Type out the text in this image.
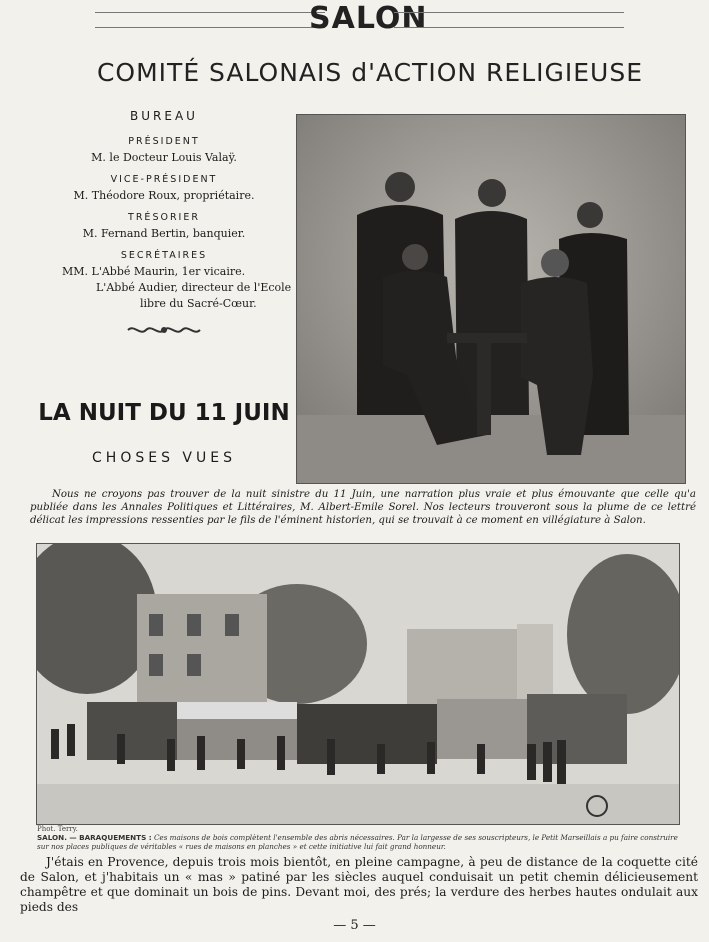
SALON
COMITÉ SALONAIS d'ACTION RELIGIEUSE
BUREAU
PRÉSIDENT
M. le Docteur Louis Valaÿ.
VICE-PRÉSIDENT
M. Théodore Roux, propriétaire.
TRÉSORIER
M. Fernand Bertin, banquier.
SECRÉTAIRES
MM. L'Abbé Maurin, 1er vicaire.
L'Abbé Audier, directeur de l'Ecole
libre du Sacré-Cœur.
LA NUIT DU 11 JUIN
CHOSES VUES
Nous ne croyons pas trouver de la nuit sinistre du 11 Juin, une narration plus vraie et plus émouvante que celle qu'a publiée dans les Annales Politiques et Littéraires, M. Albert-Emile Sorel. Nos lecteurs trouveront sous la plume de ce lettré délicat les impressions ressenties par le fils de l'éminent historien, qui se trouvait à ce moment en villégiature à Salon.
Phot. Terry.
SALON. — BARAQUEMENTS : Ces maisons de bois complètent l'ensemble des abris nécessaires. Par la largesse de ses souscripteurs, le Petit Marseillais a pu faire construire sur nos places publiques de véritables « rues de maisons en planches » et cette initiative lui fait grand honneur.
J'étais en Provence, depuis trois mois bientôt, en pleine campagne, à peu de distance de la coquette cité de Salon, et j'habitais un « mas » patiné par les siècles auquel conduisait un petit chemin délicieusement champêtre et que dominait un bois de pins. Devant moi, des prés; la verdure des herbes hautes ondulait aux pieds des
— 5 —
